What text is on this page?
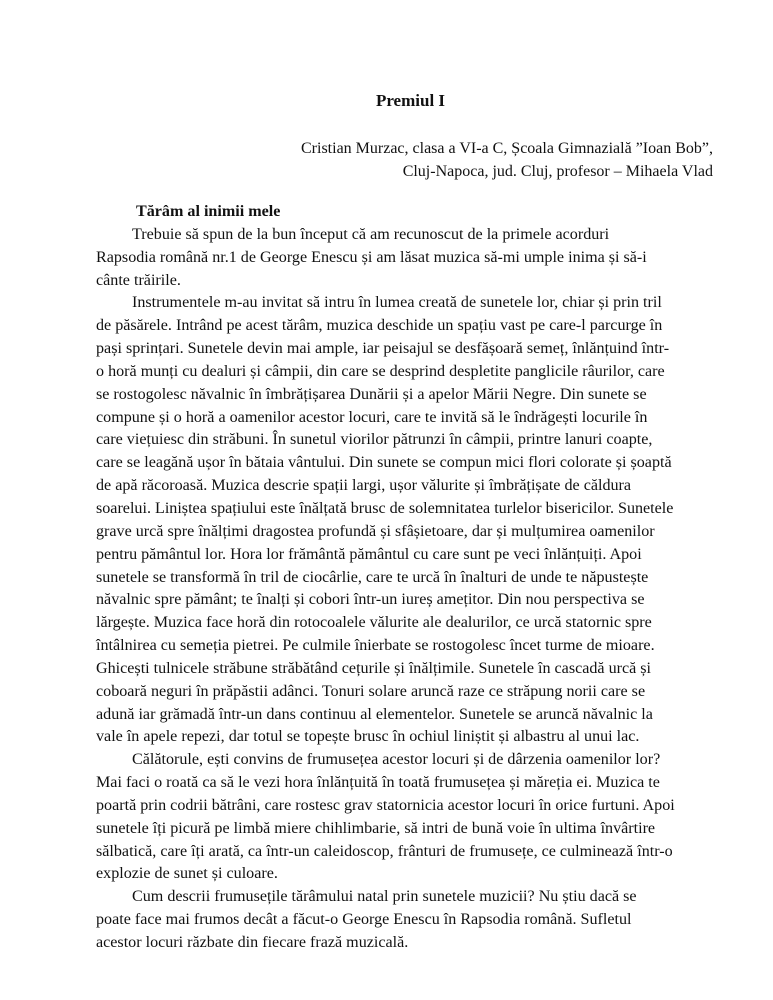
Premiul I
Cristian Murzac, clasa a VI-a C, Școala Gimnazială ”Ioan Bob”,
Cluj-Napoca, jud. Cluj, profesor – Mihaela Vlad

Tărâm al inimii mele

Trebuie să spun de la bun început că am recunoscut de la primele acorduri
Rapsodia română nr.1 de George Enescu și am lăsat muzica să-mi umple inima și să-i
cânte trăirile.

Instrumentele m-au invitat să intru în lumea creată de sunetele lor, chiar și prin tril
de păsărele. Intrând pe acest tărâm, muzica deschide un spațiu vast pe care-l parcurge în
pași sprințari. Sunetele devin mai ample, iar peisajul se desfășoară semeț, înlănțuind într-
o horă munți cu dealuri și câmpii, din care se desprind despletite panglicile râurilor, care
se rostogolesc năvalnic în îmbrățișarea Dunării și a apelor Mării Negre. Din sunete se
compune și o horă a oamenilor acestor locuri, care te invită să le îndrăgești locurile în
care viețuiesc din străbuni. În sunetul viorilor pătrunzi în câmpii, printre lanuri coapte,
care se leagănă ușor în bătaia vântului. Din sunete se compun mici flori colorate și șoaptă
de apă răcoroasă. Muzica descrie spații largi, ușor vălurite și îmbrățișate de căldura
soarelui. Liniștea spațiului este înălțată brusc de solemnitatea turlelor bisericilor. Sunetele
grave urcă spre înălțimi dragostea profundă și sfâșietoare, dar și mulțumirea oamenilor
pentru pământul lor. Hora lor frământă pământul cu care sunt pe veci înlănțuiți. Apoi
sunetele se transformă în tril de ciocârlie, care te urcă în înalturi de unde te năpustește
năvalnic spre pământ; te înalți și cobori într-un iureș amețitor. Din nou perspectiva se
lărgește. Muzica face horă din rotocoalele vălurite ale dealurilor, ce urcă statornic spre
întâlnirea cu semeția pietrei. Pe culmile înierbate se rostogolesc încet turme de mioare.
Ghicești tulnicele străbune străbătând cețurile și înălțimile. Sunetele în cascadă urcă și
coboară neguri în prăpăstii adânci. Tonuri solare aruncă raze ce străpung norii care se
adună iar grămadă într-un dans continuu al elementelor. Sunetele se aruncă năvalnic la
vale în apele repezi, dar totul se topește brusc în ochiul liniștit și albastru al unui lac.

Călătorule, ești convins de frumusețea acestor locuri și de dârzenia oamenilor lor?
Mai faci o roată ca să le vezi hora înlănțuită în toată frumusețea și măreția ei. Muzica te
poartă prin codrii bătrâni, care rostesc grav statornicia acestor locuri în orice furtuni. Apoi
sunetele îți picură pe limbă miere chihlimbarie, să intri de bună voie în ultima învârtire
sălbatică, care îți arată, ca într-un caleidoscop, frânturi de frumusețe, ce culminează într-o
explozie de sunet și culoare.

Cum descrii frumusețile tărâmului natal prin sunetele muzicii? Nu știu dacă se
poate face mai frumos decât a făcut-o George Enescu în Rapsodia română. Sufletul
acestor locuri răzbate din fiecare frază muzicală.
